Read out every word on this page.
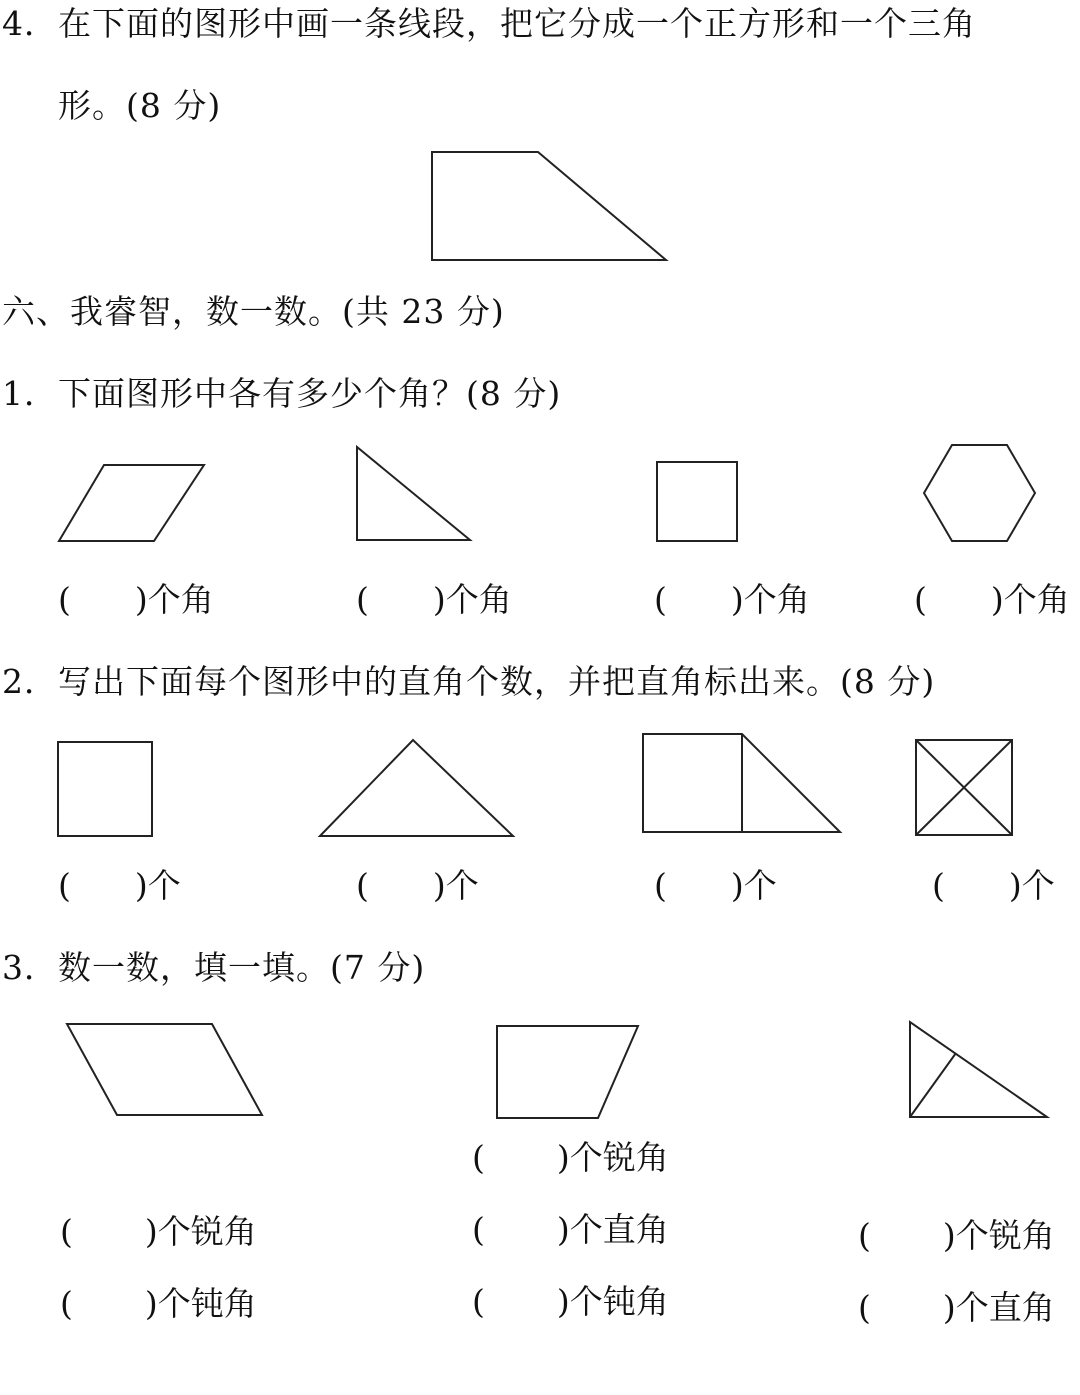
4． 在下面的图形中画一条线段，把它分成一个正方形和一个三角
形。(8 分)
六、我睿智，数一数。(共 23 分)
1． 下面图形中各有多少个角？(8 分)
( )个角	( )个角	( )个角	( )个角
2． 写出下面每个图形中的直角个数，并把直角标出来。(8 分)
( )个	( )个	( )个	( )个
3． 数一数，填一填。(7 分)
( )个锐角
( )个直角
( )个钝角
( )个锐角
( )个钝角
( )个锐角
( )个直角
